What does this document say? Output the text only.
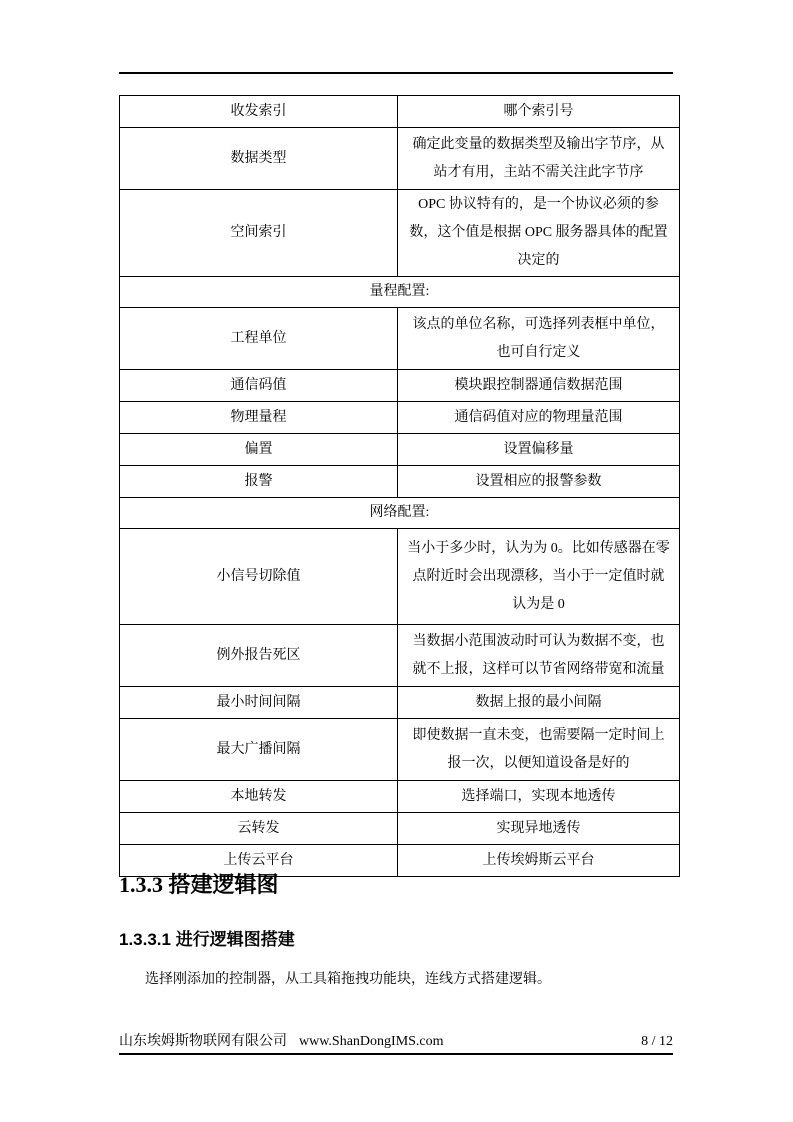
收发索引	哪个索引号
数据类型	确定此变量的数据类型及输出字节序，从站才有用，主站不需关注此字节序
空间索引	OPC 协议特有的，是一个协议必须的参数，这个值是根据 OPC 服务器具体的配置决定的
量程配置:	
工程单位	该点的单位名称，可选择列表框中单位，也可自行定义
通信码值	模块跟控制器通信数据范围
物理量程	通信码值对应的物理量范围
偏置	设置偏移量
报警	设置相应的报警参数
网络配置:	
小信号切除值	当小于多少时，认为为 0。比如传感器在零点附近时会出现漂移，当小于一定值时就认为是 0
例外报告死区	当数据小范围波动时可认为数据不变，也就不上报，这样可以节省网络带宽和流量
最小时间间隔	数据上报的最小间隔
最大广播间隔	即使数据一直未变，也需要隔一定时间上报一次，以便知道设备是好的
本地转发	选择端口，实现本地透传
云转发	实现异地透传
上传云平台	上传埃姆斯云平台
1.3.3 搭建逻辑图
1.3.3.1 进行逻辑图搭建

选择刚添加的控制器，从工具箱拖拽功能块，连线方式搭建逻辑。

山东埃姆斯物联网有限公司 www.ShanDongIMS.com	8 / 12
